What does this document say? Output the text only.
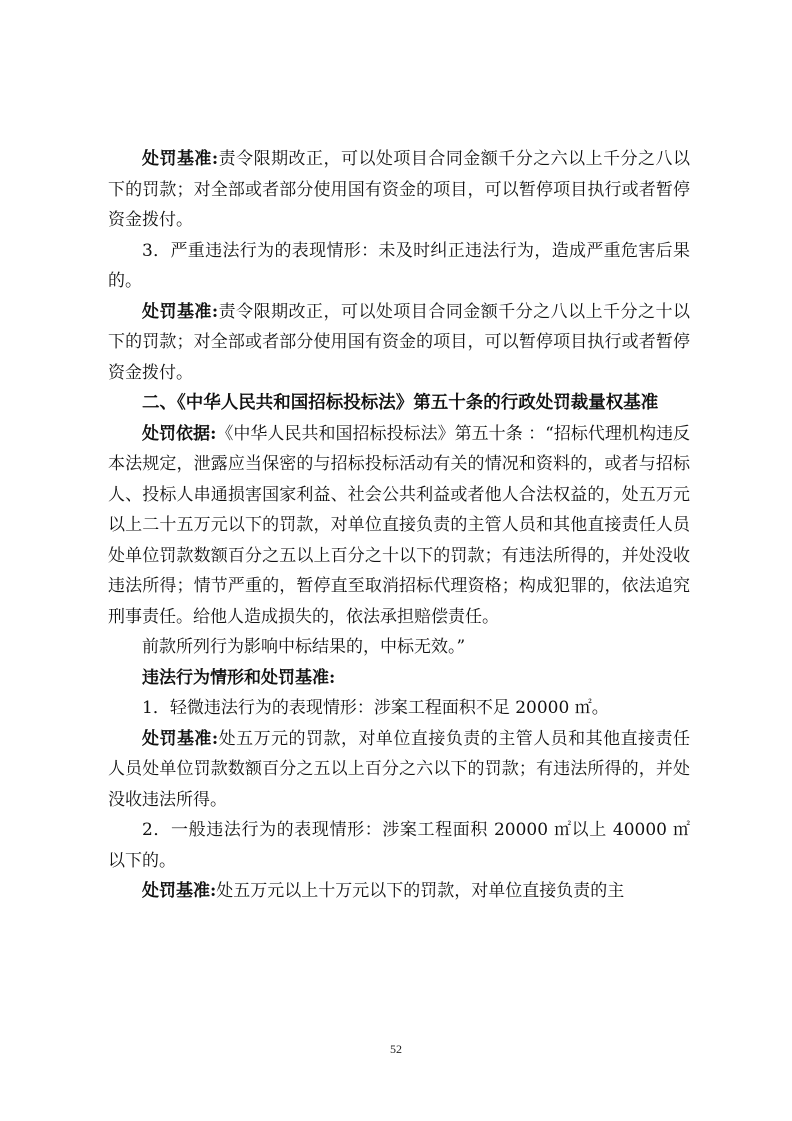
处罚基准:责令限期改正，可以处项目合同金额千分之六以上千分之八以下的罚款；对全部或者部分使用国有资金的项目，可以暂停项目执行或者暂停资金拨付。

3．严重违法行为的表现情形：未及时纠正违法行为，造成严重危害后果的。

处罚基准:责令限期改正，可以处项目合同金额千分之八以上千分之十以下的罚款；对全部或者部分使用国有资金的项目，可以暂停项目执行或者暂停资金拨付。

二、《中华人民共和国招标投标法》第五十条的行政处罚裁量权基准

处罚依据:《中华人民共和国招标投标法》第五十条 ：“招标代理机构违反本法规定，泄露应当保密的与招标投标活动有关的情况和资料的，或者与招标人、投标人串通损害国家利益、社会公共利益或者他人合法权益的，处五万元以上二十五万元以下的罚款，对单位直接负责的主管人员和其他直接责任人员处单位罚款数额百分之五以上百分之十以下的罚款；有违法所得的，并处没收违法所得；情节严重的，暂停直至取消招标代理资格；构成犯罪的，依法追究刑事责任。给他人造成损失的，依法承担赔偿责任。

前款所列行为影响中标结果的，中标无效。”

违法行为情形和处罚基准:

1．轻微违法行为的表现情形：涉案工程面积不足 20000 ㎡。

处罚基准:处五万元的罚款，对单位直接负责的主管人员和其他直接责任人员处单位罚款数额百分之五以上百分之六以下的罚款；有违法所得的，并处没收违法所得。

2．一般违法行为的表现情形：涉案工程面积 20000 ㎡以上 40000 ㎡以下的。

处罚基准:处五万元以上十万元以下的罚款，对单位直接负责的主

52
